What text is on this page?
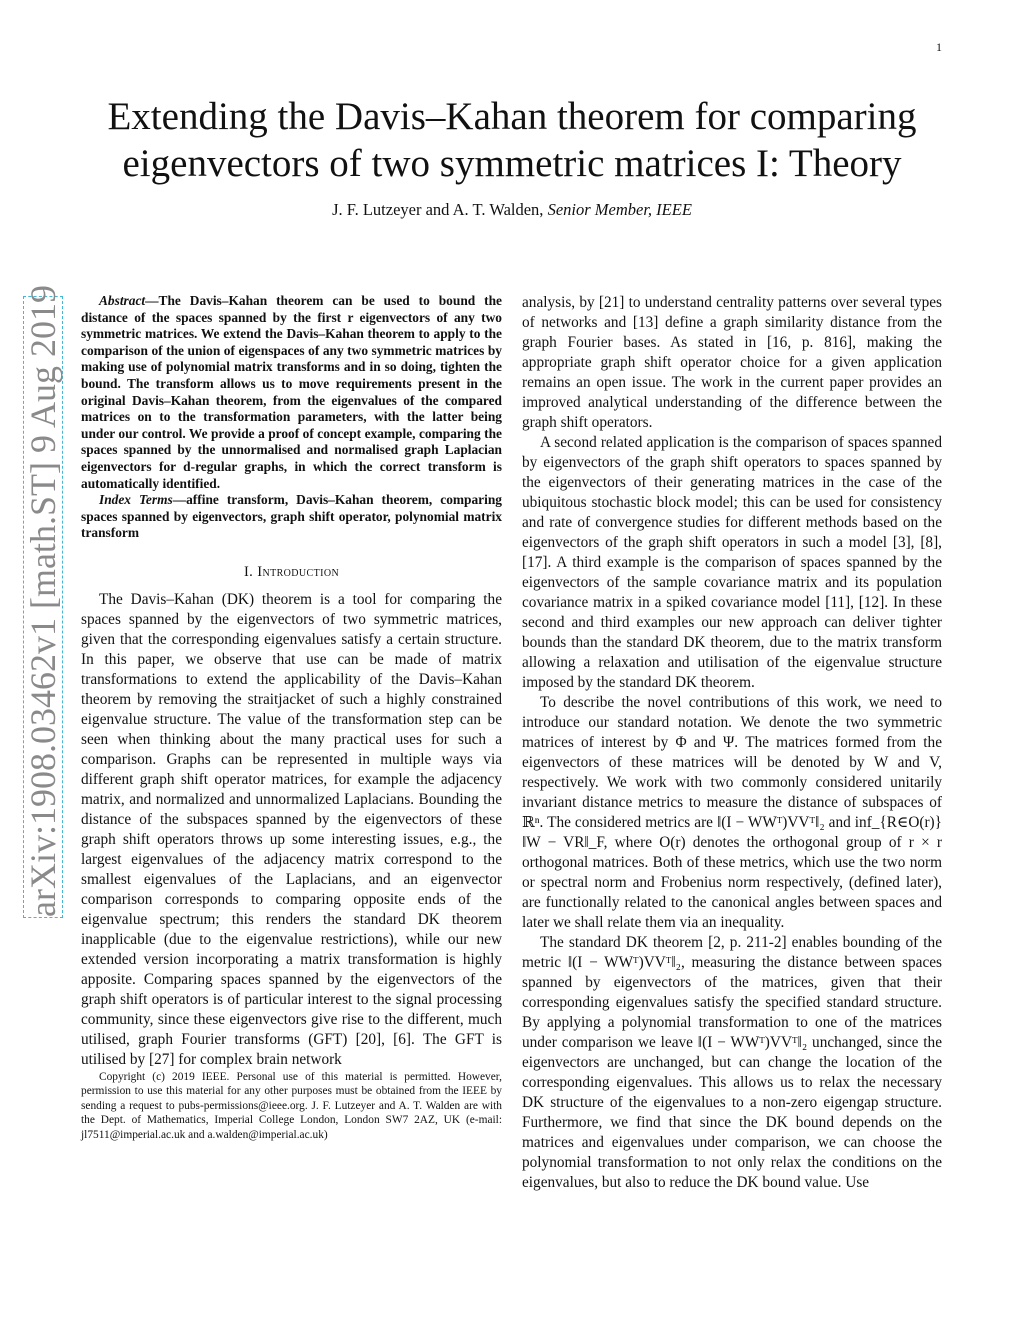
1
Extending the Davis–Kahan theorem for comparing
eigenvectors of two symmetric matrices I: Theory
J. F. Lutzeyer and A. T. Walden, Senior Member, IEEE
arXiv:1908.03462v1 [math.ST] 9 Aug 2019	Abstract—The Davis–Kahan theorem can be used to bound the distance of the spaces spanned by the first r eigenvectors of any two symmetric matrices. We extend the Davis–Kahan theorem to apply to the comparison of the union of eigenspaces of any two symmetric matrices by making use of polynomial matrix transforms and in so doing, tighten the bound. The transform allows us to move requirements present in the original Davis–Kahan theorem, from the eigenvalues of the compared matrices on to the transformation parameters, with the latter being under our control. We provide a proof of concept example, comparing the spaces spanned by the unnormalised and normalised graph Laplacian eigenvectors for d-regular graphs, in which the correct transform is automatically identified.

Index Terms—affine transform, Davis–Kahan theorem, comparing spaces spanned by eigenvectors, graph shift operator, polynomial matrix transform

I. Introduction

The Davis–Kahan (DK) theorem is a tool for comparing the spaces spanned by the eigenvectors of two symmetric matrices, given that the corresponding eigenvalues satisfy a certain structure. In this paper, we observe that use can be made of matrix transformations to extend the applicability of the Davis–Kahan theorem by removing the straitjacket of such a highly constrained eigenvalue structure. The value of the transformation step can be seen when thinking about the many practical uses for such a comparison. Graphs can be represented in multiple ways via different graph shift operator matrices, for example the adjacency matrix, and normalized and unnormalized Laplacians. Bounding the distance of the subspaces spanned by the eigenvectors of these graph shift operators throws up some interesting issues, e.g., the largest eigenvalues of the adjacency matrix correspond to the smallest eigenvalues of the Laplacians, and an eigenvector comparison corresponds to comparing opposite ends of the eigenvalue spectrum; this renders the standard DK theorem inapplicable (due to the eigenvalue restrictions), while our new extended version incorporating a matrix transformation is highly apposite. Comparing spaces spanned by the eigenvectors of the graph shift operators is of particular interest to the signal processing community, since these eigenvectors give rise to the different, much utilised, graph Fourier transforms (GFT) [20], [6]. The GFT is utilised by [27] for complex brain network

Copyright (c) 2019 IEEE. Personal use of this material is permitted. However, permission to use this material for any other purposes must be obtained from the IEEE by sending a request to pubs-permissions@ieee.org. J. F. Lutzeyer and A. T. Walden are with the Dept. of Mathematics, Imperial College London, London SW7 2AZ, UK (e-mail: jl7511@imperial.ac.uk and a.walden@imperial.ac.uk)

analysis, by [21] to understand centrality patterns over several types of networks and [13] define a graph similarity distance from the graph Fourier bases. As stated in [16, p. 816], making the appropriate graph shift operator choice for a given application remains an open issue. The work in the current paper provides an improved analytical understanding of the difference between the graph shift operators.

A second related application is the comparison of spaces spanned by eigenvectors of the graph shift operators to spaces spanned by the eigenvectors of their generating matrices in the case of the ubiquitous stochastic block model; this can be used for consistency and rate of convergence studies for different methods based on the eigenvectors of the graph shift operators in such a model [3], [8], [17]. A third example is the comparison of spaces spanned by the eigenvectors of the sample covariance matrix and its population covariance matrix in a spiked covariance model [11], [12]. In these second and third examples our new approach can deliver tighter bounds than the standard DK theorem, due to the matrix transform allowing a relaxation and utilisation of the eigenvalue structure imposed by the standard DK theorem.

To describe the novel contributions of this work, we need to introduce our standard notation. We denote the two symmetric matrices of interest by Φ and Ψ. The matrices formed from the eigenvectors of these matrices will be denoted by W and V, respectively. We work with two commonly considered unitarily invariant distance metrics to measure the distance of subspaces of ℝⁿ. The considered metrics are ‖(I − WWᵀ)VVᵀ‖₂ and inf_{R∈O(r)} ‖W − VR‖_F, where O(r) denotes the orthogonal group of r × r orthogonal matrices. Both of these metrics, which use the two norm or spectral norm and Frobenius norm respectively, (defined later), are functionally related to the canonical angles between spaces and later we shall relate them via an inequality.

The standard DK theorem [2, p. 211-2] enables bounding of the metric ‖(I − WWᵀ)VVᵀ‖₂, measuring the distance between spaces spanned by eigenvectors of the matrices, given that their corresponding eigenvalues satisfy the specified standard structure. By applying a polynomial transformation to one of the matrices under comparison we leave ‖(I − WWᵀ)VVᵀ‖₂ unchanged, since the eigenvectors are unchanged, but can change the location of the corresponding eigenvalues. This allows us to relax the necessary DK structure of the eigenvalues to a non-zero eigengap structure. Furthermore, we find that since the DK bound depends on the matrices and eigenvalues under comparison, we can choose the polynomial transformation to not only relax the conditions on the eigenvalues, but also to reduce the DK bound value. Use
